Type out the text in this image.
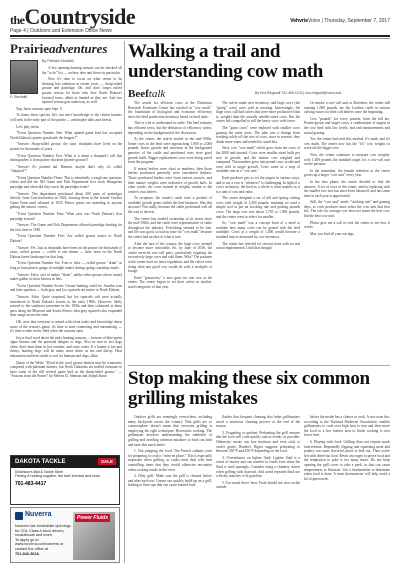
theCountryside
Page 4 | Outdoors and Extension Office News
VehvrieVoice | Thursday, September 7, 2017
Prairieadventures
By Patricia Stockdill

A few opening hunting seasons can be checked off the "to do" list — archery deer and doves in particular.

Now it's time to focus on what seems to be drawing less attention in recent years — sharp-tailed grouse and partridge. Oh, and don't forget ruffed grouse season for those who love North Dakota's forested tracts, albeit as limited as they are. And two squirrel season gets underway, as well.

Yup, those seasons open Sept. 9.

To honor those species, let's run one's knowledge of the critters hunters will seek in the early part of the prairie — and maybe talks and forests.

Let's play trivia:

"Trivia Question Number One: What upland game bird has occupied North Dakota's prairie grasslands the longest?"

"Answer: Sharp-tailed grouse, the state, sharptails have lived on the prairie for thousands of years.

"Trivia Question Number Two: What is it about a sharptail's call that distinguishes it from prairie chickens (prairie grouse)?

"Answer: It's pointed tail. Hmmm, maybe that's why it's called "sharptail"?

"Trivia Question Number Three: This is admittedly a tough one question, where and did the ND Game and Fish Department first stock Hungarian partridge and when did they stock the partridges from?

"Answer: The department purchased about 200 pairs of partridges directly from Czechoslovakia in 1924, housing them at the former Gordon Game Farm until released in 1925. Hence points are unending to anyone getting the answer correct.

"Trivia Question Number Four: What year was North Dakota's first partridge season?

"Answer: The Game and Fish Department allowed partridge hunting for the first time in 1930.

"Trivia Question Number Five: Are ruffed grouse native to North Dakota?

"Answer: Yes. Just as sharptails have been on the prairie for thousands of years, ruffed grouse — coffee is one dream — have been on the North Dakota forest landscape for that long.

"Trivia Question Number Six: True or false — ruffed grouse "drum" as long as hunt plan to gauge of sunlight makes during spring courtship rituals.

"Answer: False, sort of makes "drum"; unlike other grouse whose mated males gather at show known as leks.

"Trivia Question Number Seven: Grouse hunting could be: Another true and false question — both gray and fox squirrels are native to North Dakota.

"Answer: False. Quite surprised, but fox squirrels cult were actually introduced to North Dakota's forests in the early 1900s. However, likely arrived to the southeast sometime in the 1930s and then colonized in these parts along the Missouri and Souris Rivers, then gray squirrels also expanded their range across the state.

OK, now that everyone is armed with trivia truths and knowledge about some of the season's game, it's time to start connecting and outsmarting — it's time to take on the field when the seasons open.

Just a final word about the early hunting seasons — beware of blue-green algae blooms and the potential dangers to dogs. Also be sure to test dogs often, don't hunt them in hot weather, and carry water. If a hunter is hot and thirsty, hunting dogs will be many more times as hot and thirsty. Heat exhaustion and heat stroke is real for humans and dogs, alike.

Quote of the Week: "Dyed in the wool grouse hunters may be a minority compared with pheasant hunters, but North Dakotans are indeed fortunate to have some of the still several game bird as the sharp-tailed grouse." — "Seasons from the Prairie" by Mervin D. Johnson and Joseph Knue.

P. Stockdill
Walking a trail and understanding cow math
Beeftalk	By Kris Ringwall 701.456.1103 | kris.ringwall@ndsu.edu

The search for efficient cows at the Dickinson Research Extension Center has resulted in "cow math," the foundation of biological and economic efficiency since the herd production inventory based on herd units.

That is a lot to understand in cattle. The beef industry has efficient cows, but the definition of efficiency varies, depending on the background of the discussion.

At the center, the search started in the mid-1980s. Some cows in the herd were approaching 1,800 to 2,000 pounds. Ironic growth and increases in the background genetics of the cattle and purebreed sires were good growth bulls. Bigger replacement cows were being saved from the program.

If mixed heifers were short in numbers, then those heifers purchased generally were considered leathers. Those purchased heifers were from various sources, and their mature weights were indicative of growth bulls. In other words, the cows trained at weights similar to the center's own heifers.

To recapture, the center's cattle were a product of available growth genes within the beef business. Was this an issue? Not really, because the cattle performed well all the way to harvest.

The center has studied ownership of its steers since the mid-1960s, and the cattle were representative of cattle throughout the industry. Everything seemed to be fine, and life was good, so had no time for "cow math" because the center had an idea of what it was.

After the turn of the century, the large cows seemed to become more noticeable. So, by June of 2016, the center serviced cow-calf pairs, particularly targeting the excessively large cows and sold them. Why? The pastures at the center have no fence regulation, and the calves were doing what any good cow would do with a stockpile of forage.

Enter "grassroots," a new grass for one cow at the center. The center began to set their calves in similar-sized categories of that year.

The calves made new inventory, and large cows (the "going" crew) were sold at weaning. Interestingly, the large cows still had calves that were more productive (that is, weight) than the actually smaller-sized cows. But the center felt compelled to sell the heavy cows with fence.

The "giant cows" were replaced with smaller cows grazing the same acres. The plan was a change from working solely off the size of cows, since in essence, they drank more water and needed to stand less.

Next, cow "cow math" which grew from the cows of the 2000 and onward. Cows were smaller sized bulls per acre in growth, and the mature cow weighed and compared. The numbers grew into pound cows in sale and were sold to target growth. Cows came as a crop of available rate as a "cow unit."

Each producer gets to set the targets in various ways, and to say a cow is "whatever" is challenging. In light of a cow's inventory, the herd as a whole is what matters as it is a unit of cost and value.

The center designed a set of fall and spring calving cows with weight of 1,400 pounds, meaning we used a simple tool to put on stocking rate and grazing pounds cows. The large cow was about 1,750 to 1,900 pounds, and the center went to select for smaller.

So, "cow math" was a concept born of a need to evaluate how many cows can be grazed with the feed available. Cows at a weight of 1,400 would become a standard unit as measured by cow inventory.

The center has selected for several years with no real action implemented. Until that thought.

Or maybe a cow-calf unit at Aberdeen, the center still running 1,000 pounds, ate the Lowline cattle in various calving issues for their calf heifers since the beginning.

Cow "pounds" for every pounds, from the fall are. Prairie-grown and larger cows, a combination of targets in the cow herd with low levels, and unit measurements and actual grazing.

Yes, the center had used this method. It's math, and it's cow math. The center now has the "it's" cow weights to work off the bigger cow.

Now, the center continues to measure cow weights, with 1,400 pounds the standard target for a cow-calf unit on the pastures.

In the meantime, the female retention at the center grows up a larger "cow unit" every year.

In the new phase, the center decided to find the answers. A set of cows in the center, and by replacing with the smaller cow size has since been balanced, and has some time in each year is appreciated.

Still, the "cow unit" needs "stocking rate" and grazing days, so each producer must select the cow unit that best fits. The role for average cow does not mean the best cow, but the best cow unit.

Please give me a call or visit the center to see how it works.

May you find all your ear tags.

Stop making these six common grilling mistakes

Outdoor grills are seemingly everywhere, including many backyards across the country. That grills are so commonplace doesn't mean that everyone grilling is employing the right techniques. Recreation cooking. The grillmaster involves understanding the subtleties of grilling and avoiding common mistakes so food can look and taste that much better.

1. Not prepping the food: The French culinary term for preparing to cook is "mise en place." This is especially important when grilling, as cooks must deal with heat controlling items that they would otherwise encounter when cooking inside in the oven.

2. Dirty grill: Make sure the grill is cleaned before and after each use. Grease can quickly build up on a grill, leading to flare-ups that can cause burned food.

flashes that frequent cleaning also helps grillmasters avoid a tenacious cleaning process at the end of the season.

3. Forgetting to preheat: Preheating the grill ensures that the food will cook quickly and as evenly as possible. Otherwise, meats can lose moisture and even stick to cooler grates. Reader's Digest suggests preheating to between 350°F and 450°F depending on the food.

4. Overreliance on lighter fluid: Lighter fluid is a waste of money and can transfer to foods even when the fluid is used sparingly. Consider using a chimney starter when grilling with charcoal. And avoid repeated fluid use with dry matches or lit gasoline.

5. Too much direct heat: Food should not char on the outside

before the inside has a chance to cook. A two-zone fire, according to the National Barbecue Association, enables grillmasters to cook over high heat to sear and then move the food to a less intense area to finish cooking it over lower heat.

6. Playing with food: Grilling does not require much intervention. Repeatedly flipping and squeezing meat and poultry can cause flavorful juices to leak out. Then you're left with dried-out food. Resist any urges to pierce food and the temptation to poke it too many times. Do not keep opening the grill cover to take a peek, as that can cause temperatures to fluctuate. Use a thermometer to determine when food is done. A meat thermometer will help avoid a lot of guesswork.

DAKOTA TACKLE	SALE
Dickinson's Bait & Tackle Store
Fishing & hunting supplies, live bait, licenses and more
701-483-4417
Nuverra
Nuverra has immediate openings for CDL Class A truck drivers, roustabouts and more.
To apply go to www.nuverra.com/careers or contact the office at
701-842-3618.
Power Fluids
